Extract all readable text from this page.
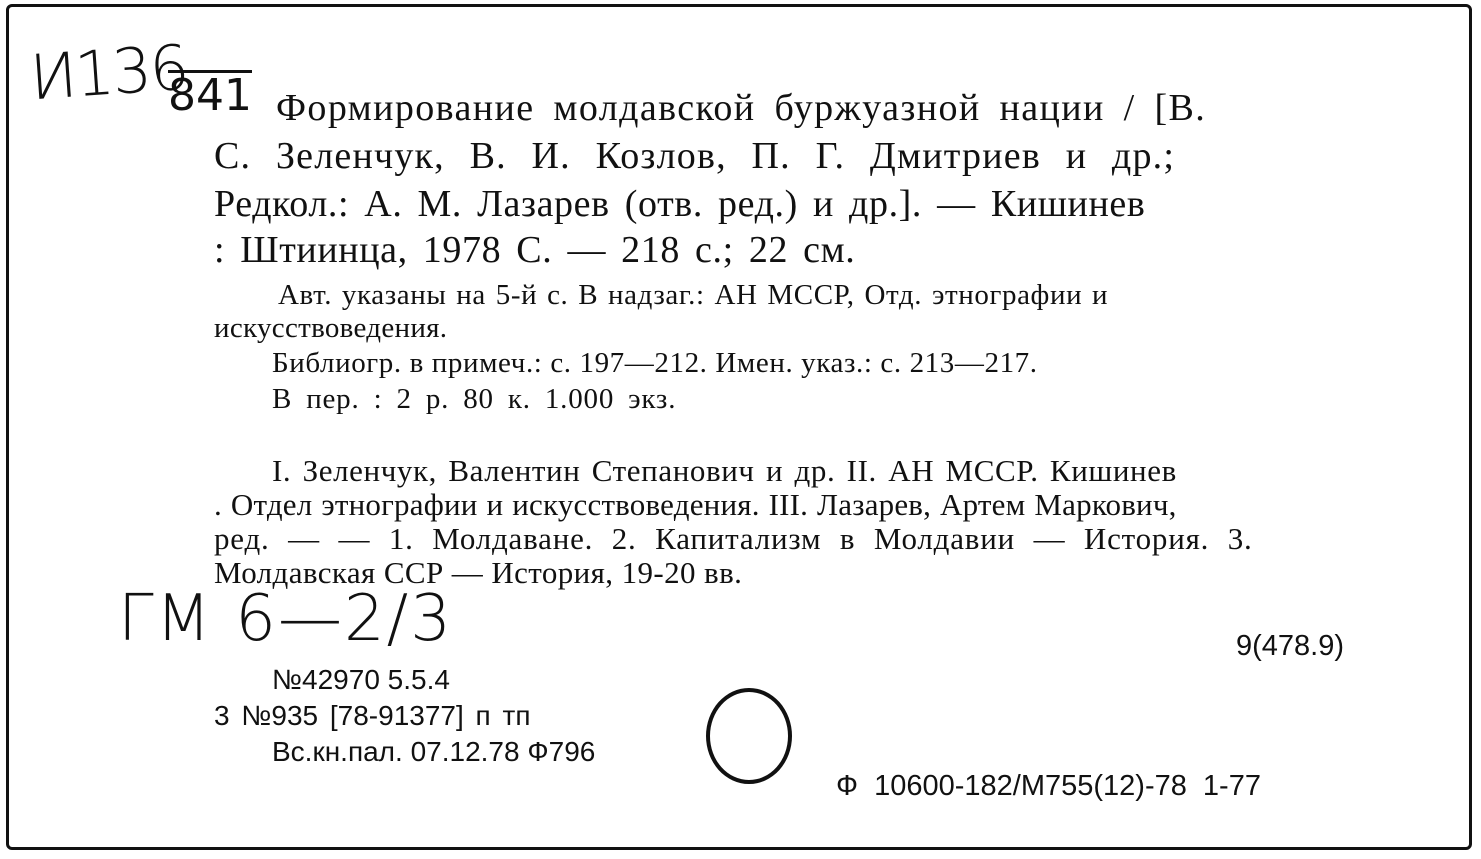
И136
841 Формирование молдавской буржуазной нации / [В.
С. Зеленчук, В. И. Козлов, П. Г. Дмитриев и др.;
Редкол.: А. М. Лазарев (отв. ред.) и др.]. — Кишинев
: Штиинца, 1978 С. — 218 с.; 22 см.
Авт. указаны на 5-й с. В надзаг.: АН МССР, Отд. этнографии и
искусствоведения.
Библиогр. в примеч.: с. 197—212. Имен. указ.: с. 213—217.
В пер. : 2 р. 80 к. 1.000 экз.
I. Зеленчук, Валентин Степанович и др. II. АН МССР. Кишинев
. Отдел этнографии и искусствоведения. III. Лазарев, Артем Маркович,
ред. — — 1. Молдаване. 2. Капитализм в Молдавии — История. 3.
Молдавская ССР — История, 19-20 вв.
ГМ 6—2/3	9(478.9)
№42970 5.5.4
3 №935 [78-91377] п тп
Вс.кн.пал. 07.12.78 Ф796
Ф 10600-182/М755(12)-78 1-77
